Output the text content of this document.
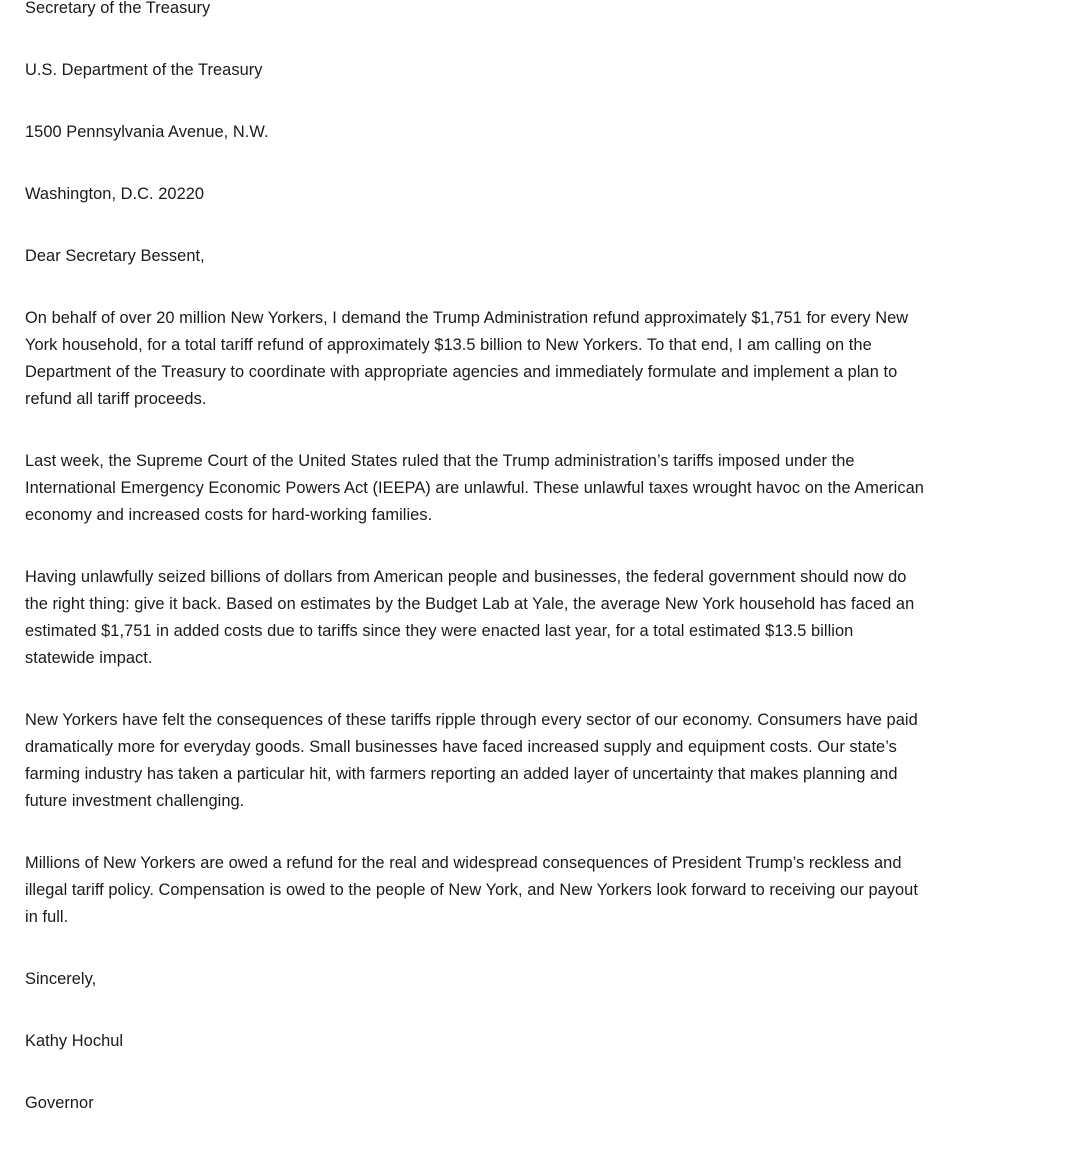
Secretary of the Treasury

U.S. Department of the Treasury

1500 Pennsylvania Avenue, N.W.

Washington, D.C. 20220

Dear Secretary Bessent,

On behalf of over 20 million New Yorkers, I demand the Trump Administration refund approximately $1,751 for every New York household, for a total tariff refund of approximately $13.5 billion to New Yorkers. To that end, I am calling on the Department of the Treasury to coordinate with appropriate agencies and immediately formulate and implement a plan to refund all tariff proceeds.

Last week, the Supreme Court of the United States ruled that the Trump administration’s tariffs imposed under the International Emergency Economic Powers Act (IEEPA) are unlawful. These unlawful taxes wrought havoc on the American economy and increased costs for hard-working families.

Having unlawfully seized billions of dollars from American people and businesses, the federal government should now do the right thing: give it back. Based on estimates by the Budget Lab at Yale, the average New York household has faced an estimated $1,751 in added costs due to tariffs since they were enacted last year, for a total estimated $13.5 billion statewide impact.

New Yorkers have felt the consequences of these tariffs ripple through every sector of our economy. Consumers have paid dramatically more for everyday goods. Small businesses have faced increased supply and equipment costs. Our state’s farming industry has taken a particular hit, with farmers reporting an added layer of uncertainty that makes planning and future investment challenging.

Millions of New Yorkers are owed a refund for the real and widespread consequences of President Trump’s reckless and illegal tariff policy. Compensation is owed to the people of New York, and New Yorkers look forward to receiving our payout in full.

Sincerely,

Kathy Hochul

Governor
